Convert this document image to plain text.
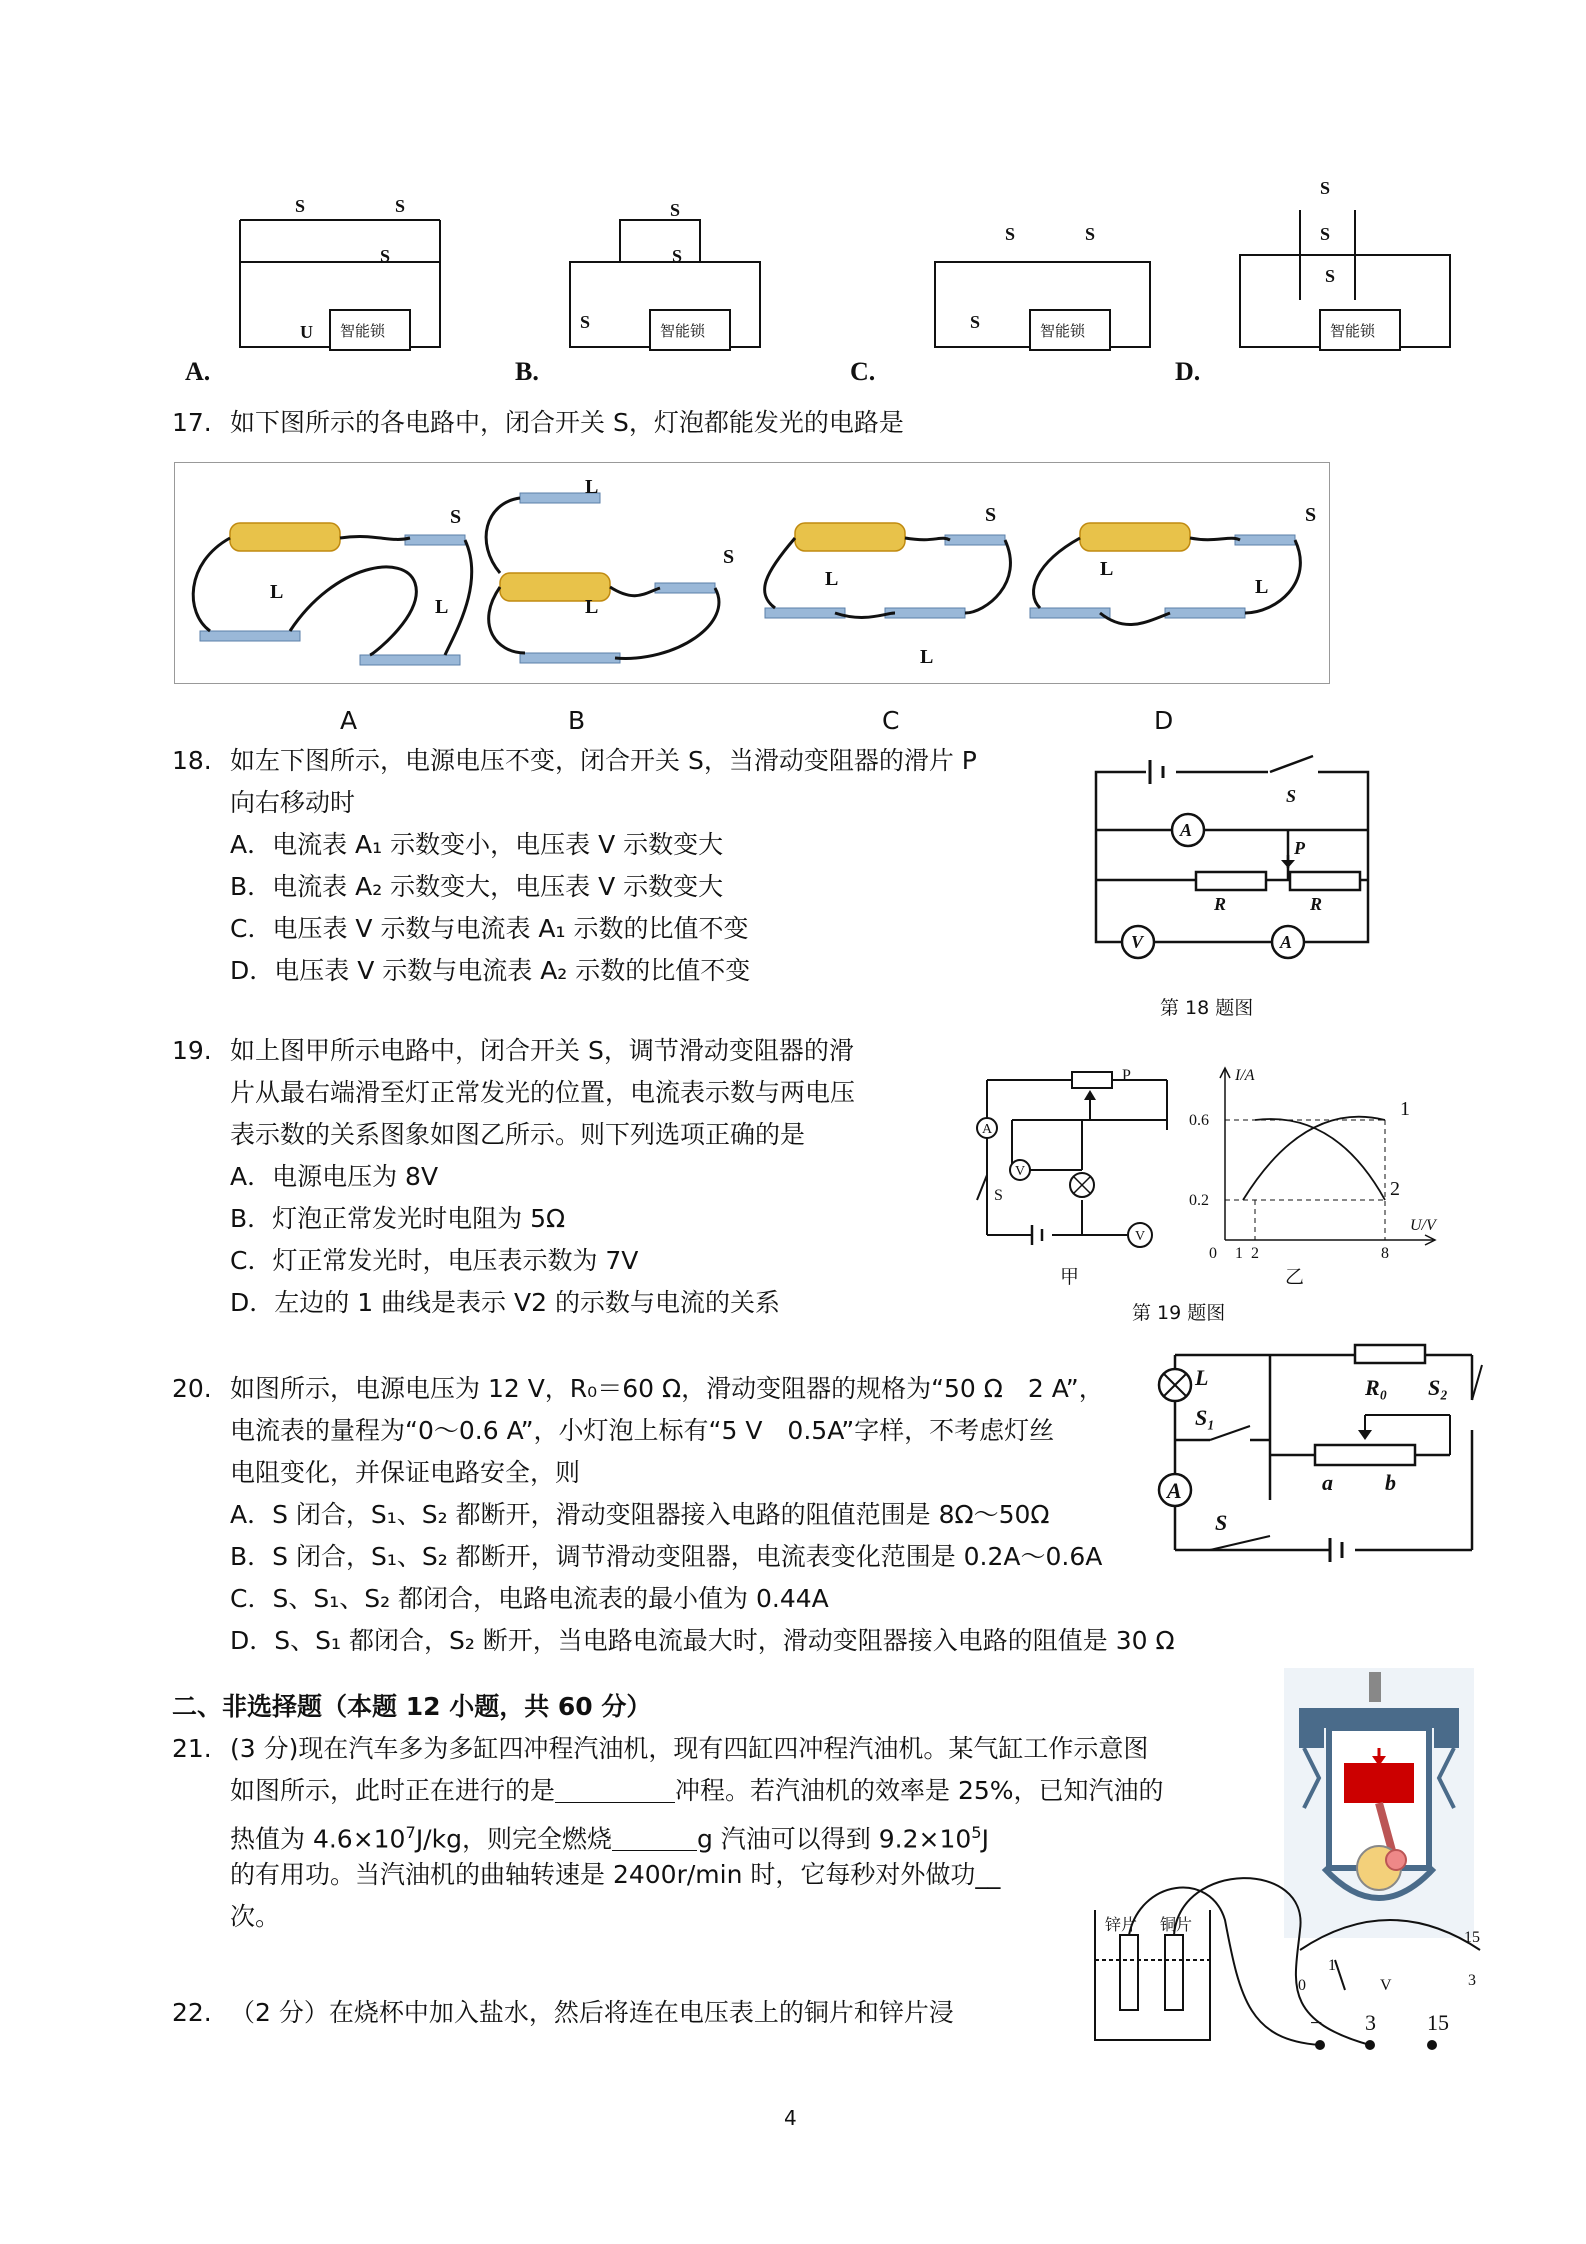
智能锁	智能锁	智能锁	智能锁
S	S
S
U
S
S
S
S	S
S
S
S
S
A.	B.	C.	D.
17. 如下图所示的各电路中，闭合开关 S，灯泡都能发光的电路是
S
S
S	S
L
L
L
L
L
L
L
L
A	B	C	D
18. 如左下图所示，电源电压不变，闭合开关 S，当滑动变阻器的滑片 P
向右移动时
A．电流表 A₁ 示数变小，电压表 V 示数变大
B．电流表 A₂ 示数变大，电压表 V 示数变大
C．电压表 V 示数与电流表 A₁ 示数的比值不变
D．电压表 V 示数与电流表 A₂ 示数的比值不变
S
P
R	R
A
V	A
第 18 题图
19. 如上图甲所示电路中，闭合开关 S，调节滑动变阻器的滑
片从最右端滑至灯正常发光的位置，电流表示数与两电压
表示数的关系图象如图乙所示。则下列选项正确的是
A．电源电压为 8V
B．灯泡正常发光时电阻为 5Ω
C．灯正常发光时，电压表示数为 7V
D．左边的 1 曲线是表示 V2 的示数与电流的关系
A
V
V
S
P	I/A
U/V
0.6
0.2
0 1 2	8
1
2
甲	乙
第 19 题图
20. 如图所示，电源电压为 12 V，R₀＝60 Ω，滑动变阻器的规格为“50 Ω　2 A”，
电流表的量程为“0～0.6 A”，小灯泡上标有“5 V　0.5A”字样，不考虑灯丝
电阻变化，并保证电路安全，则
A．S 闭合，S₁、S₂ 都断开，滑动变阻器接入电路的阻值范围是 8Ω～50Ω
B．S 闭合，S₁、S₂ 都断开，调节滑动变阻器，电流表变化范围是 0.2A～0.6A
C．S、S₁、S₂ 都闭合，电路电流表的最小值为 0.44A
D．S、S₁ 都闭合，S₂ 断开，当电路电流最大时，滑动变阻器接入电路的阻值是 30 Ω
R₀ S₂
S₁
L
A
S
a b
二、非选择题（本题 12 小题，共 60 分）
21. (3 分)现在汽车多为多缸四冲程汽油机，现有四缸四冲程汽油机。某气缸工作示意图
如图所示，此时正在进行的是	冲程。若汽油机的效率是 25%，已知汽油的
热值为 $4.6\times 10^7J/kg$，则完全燃烧	g 汽油可以得到 $9.2\times 10^5J$
的有用功。当汽油机的曲轴转速是 2400r/min 时，它每秒对外做功__
次。
22. （2 分）在烧杯中加入盐水，然后将连在电压表上的铜片和锌片浸
锌片 铜片
0
1
3
15
V
− 3 15
4
